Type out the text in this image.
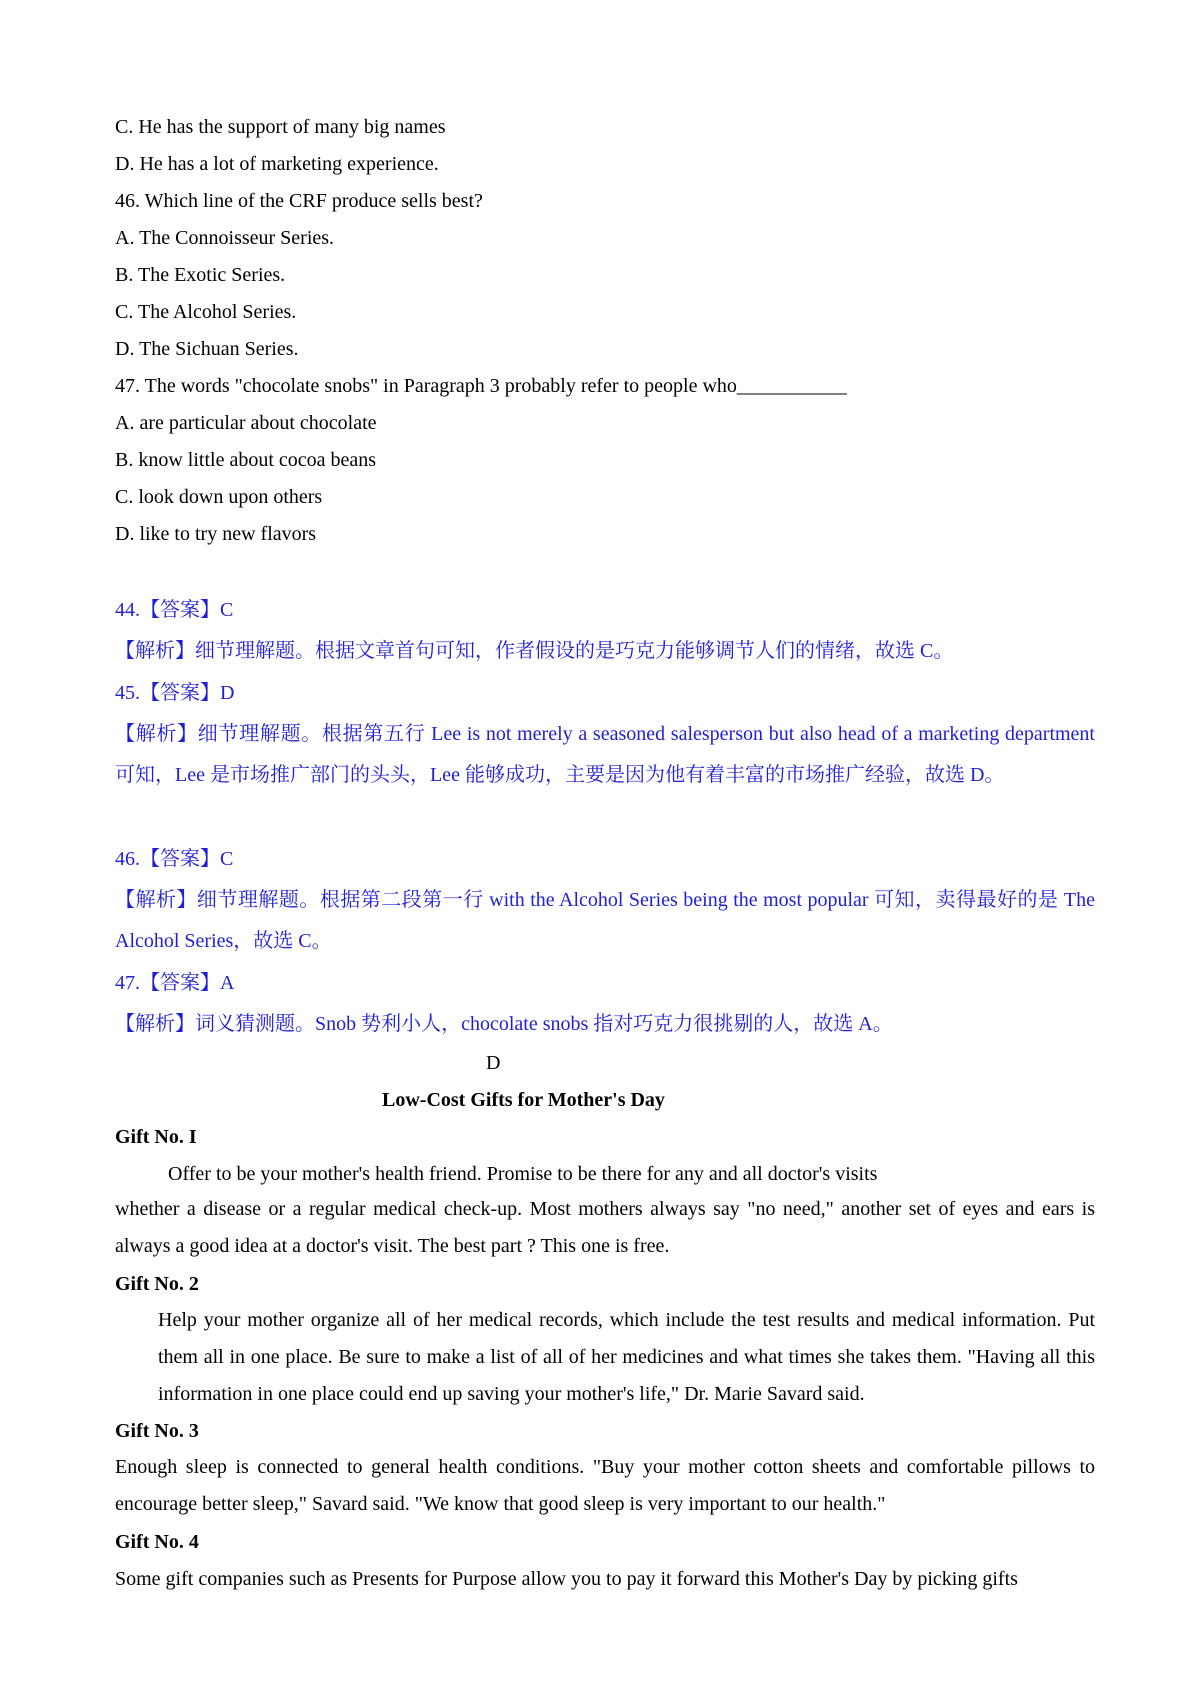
C. He has the support of many big names
D. He has a lot of marketing experience.
46. Which line of the CRF produce sells best?
A. The Connoisseur Series.
B. The Exotic Series.
C. The Alcohol Series.
D. The Sichuan Series.
47. The words "chocolate snobs" in Paragraph 3 probably refer to people who___________
A. are particular about chocolate
B. know little about cocoa beans
C. look down upon others
D. like to try new flavors
44.【答案】C
【解析】细节理解题。根据文章首句可知，作者假设的是巧克力能够调节人们的情绪，故选 C。
45.【答案】D
【解析】细节理解题。根据第五行 Lee is not merely a seasoned salesperson but also head of a marketing department 可知，Lee 是市场推广部门的头头，Lee 能够成功，主要是因为他有着丰富的市场推广经验，故选 D。
46.【答案】C
【解析】细节理解题。根据第二段第一行 with the Alcohol Series being the most popular 可知，卖得最好的是 The Alcohol Series，故选 C。
47.【答案】A
【解析】词义猜测题。Snob 势利小人，chocolate snobs 指对巧克力很挑剔的人，故选 A。
D
Low-Cost Gifts for Mother's Day
Gift No. I
Offer to be your mother's health friend. Promise to be there for any and all doctor's visits
whether a disease or a regular medical check-up. Most mothers always say "no need," another set of eyes and ears is always a good idea at a doctor's visit. The best part ? This one is free.
Gift No. 2
Help your mother organize all of her medical records, which include the test results and medical information. Put them all in one place. Be sure to make a list of all of her medicines and what times she takes them. "Having all this information in one place could end up saving your mother's life," Dr. Marie Savard said.
Gift No. 3
Enough sleep is connected to general health conditions. "Buy your mother cotton sheets and comfortable pillows to encourage better sleep," Savard said. "We know that good sleep is very important to our health."
Gift No. 4
Some gift companies such as Presents for Purpose allow you to pay it forward this Mother's Day by picking gifts
